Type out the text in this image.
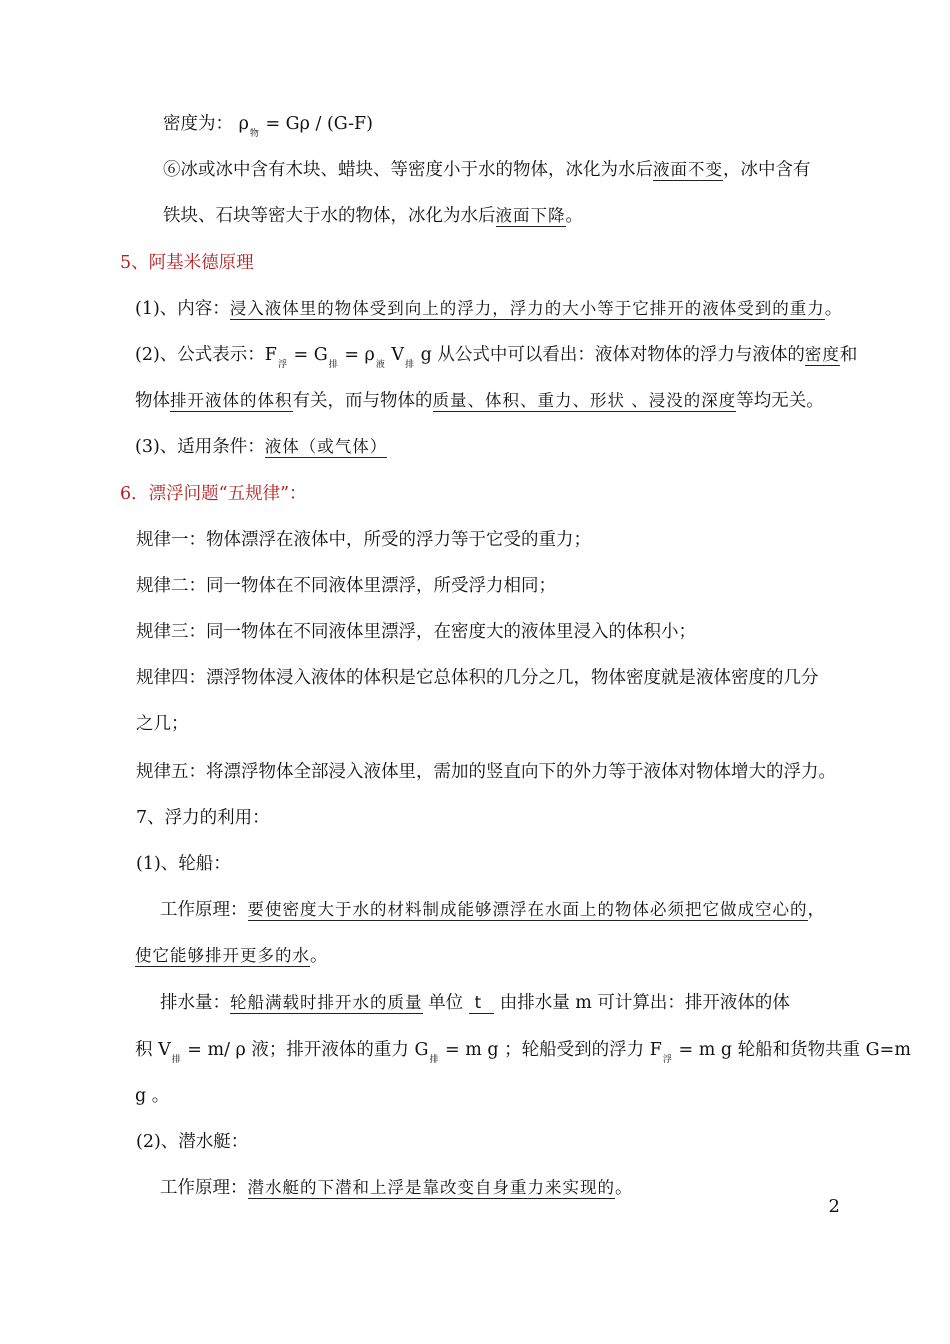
密度为： $\rho_物 = G\rho / (G-F)$
⑥冰或冰中含有木块、蜡块、等密度小于水的物体，冰化为水后液面不变，冰中含有
铁块、石块等密大于水的物体，冰化为水后液面下降。
5、阿基米德原理
(1)、内容：浸入液体里的物体受到向上的浮力，浮力的大小等于它排开的液体受到的重力。
(2)、公式表示：$F_浮 = G_排 = \rho_液$ $V_排$ g 从公式中可以看出：液体对物体的浮力与液体的密度和
物体排开液体的体积有关，而与物体的质量、体积、重力、形状 、浸没的深度等均无关。
(3)、适用条件：液体（或气体）
6．漂浮问题“五规律”：
规律一：物体漂浮在液体中，所受的浮力等于它受的重力；
规律二：同一物体在不同液体里漂浮，所受浮力相同；
规律三：同一物体在不同液体里漂浮，在密度大的液体里浸入的体积小；
规律四：漂浮物体浸入液体的体积是它总体积的几分之几，物体密度就是液体密度的几分
之几；
规律五：将漂浮物体全部浸入液体里，需加的竖直向下的外力等于液体对物体增大的浮力。
7、浮力的利用：
(1)、轮船：
工作原理：要使密度大于水的材料制成能够漂浮在水面上的物体必须把它做成空心的，
使它能够排开更多的水。
排水量：轮船满载时排开水的质量 单位 t 由排水量 m 可计算出：排开液体的体
积 $V_排 = m/$ ρ 液；排开液体的重力 $G_排 = m$ g ；轮船受到的浮力 $F_浮 = m$ g 轮船和货物共重 G=m
g 。
(2)、潜水艇：
工作原理：潜水艇的下潜和上浮是靠改变自身重力来实现的。
2
